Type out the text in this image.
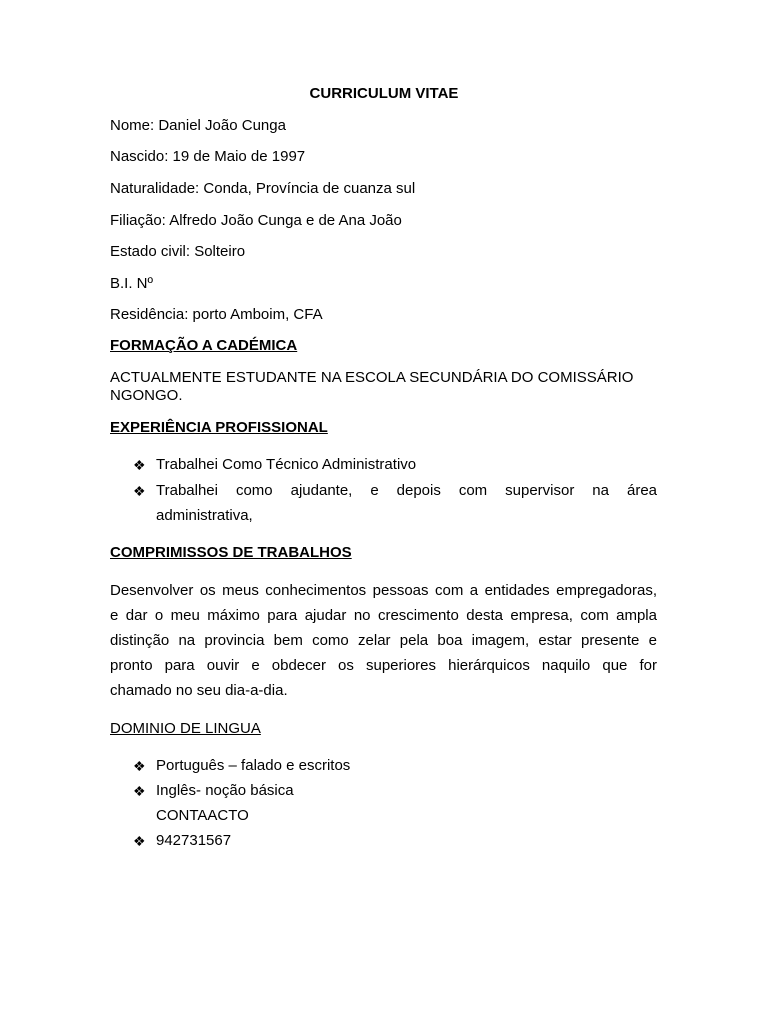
CURRICULUM VITAE
Nome: Daniel João Cunga
Nascido: 19 de Maio de 1997
Naturalidade: Conda, Província de cuanza sul
Filiação: Alfredo João Cunga e de Ana João
Estado civil: Solteiro
B.I. Nº
Residência: porto Amboim, CFA
FORMAÇÃO A CADÉMICA
ACTUALMENTE ESTUDANTE NA ESCOLA SECUNDÁRIA DO COMISSÁRIO
NGONGO.
EXPERIÊNCIA PROFISSIONAL
❖ Trabalhei Como Técnico Administrativo
❖ Trabalhei como ajudante, e depois com supervisor na área
administrativa,
COMPRIMISSOS DE TRABALHOS
Desenvolver os meus conhecimentos pessoas com a entidades empregadoras,
e dar o meu máximo para ajudar no crescimento desta empresa, com ampla
distinção na provincia bem como zelar pela boa imagem, estar presente e
pronto para ouvir e obdecer os superiores hierárquicos naquilo que for
chamado no seu dia-a-dia.
DOMINIO DE LINGUA
❖ Português – falado e escritos
❖ Inglês- noção básica
CONTAACTO
❖ 942731567
